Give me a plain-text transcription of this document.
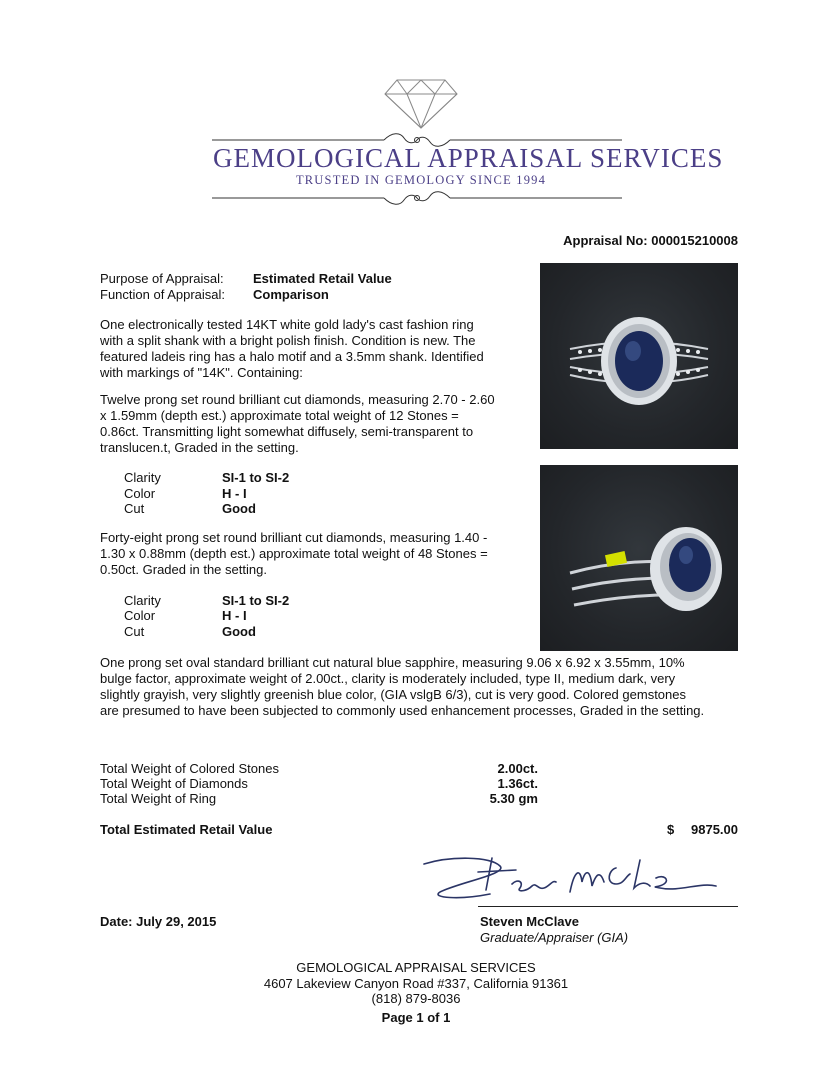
GEMOLOGICAL APPRAISAL SERVICES
TRUSTED IN GEMOLOGY SINCE 1994
Appraisal No: 000015210008
Purpose of Appraisal: Estimated Retail Value
Function of Appraisal: Comparison
One electronically tested 14KT white gold lady's cast fashion ring with a split shank with a bright polish finish. Condition is new. The featured ladeis ring has a halo motif and a 3.5mm shank. Identified with markings of "14K". Containing:
Twelve prong set round brilliant cut diamonds, measuring 2.70 - 2.60 x 1.59mm (depth est.) approximate total weight of 12 Stones = 0.86ct. Transmitting light somewhat diffusely, semi-transparent to translucen.t, Graded in the setting.
Clarity	SI-1 to SI-2
Color	H - I
Cut	Good
Forty-eight prong set round brilliant cut diamonds, measuring 1.40 - 1.30 x 0.88mm (depth est.) approximate total weight of 48 Stones = 0.50ct. Graded in the setting.
Clarity	SI-1 to SI-2
Color	H - I
Cut	Good
One prong set oval standard brilliant cut natural blue sapphire, measuring 9.06 x 6.92 x 3.55mm, 10% bulge factor, approximate weight of 2.00ct., clarity is moderately included, type II, medium dark, very slightly grayish, very slightly greenish blue color, (GIA vslgB 6/3), cut is very good. Colored gemstones are presumed to have been subjected to commonly used enhancement processes, Graded in the setting.
Total Weight of Colored Stones	2.00ct.
Total Weight of Diamonds	1.36ct.
Total Weight of Ring	5.30 gm
Total Estimated Retail Value	$	9875.00
Date: July 29, 2015	Steven McClave
Graduate/Appraiser (GIA)
GEMOLOGICAL APPRAISAL SERVICES
4607 Lakeview Canyon Road #337, California 91361
(818) 879-8036
Page 1 of 1
